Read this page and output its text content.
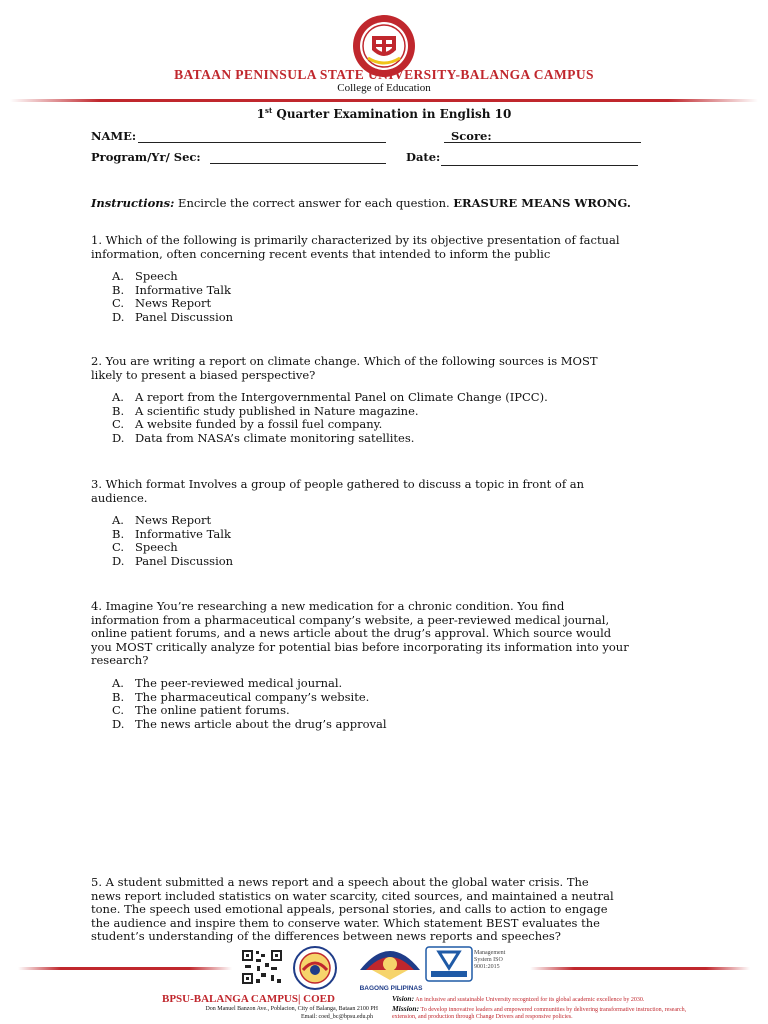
BATAAN PENINSULA STATE UNIVERSITY-BALANGA CAMPUS
College of Education
1st Quarter Examination in English 10
NAME:	Score:
Program/Yr/ Sec:	Date:
Instructions: Encircle the correct answer for each question. ERASURE MEANS WRONG.
1. Which of the following is primarily characterized by its objective presentation of factual
information, often concerning recent events that intended to inform the public
A. Speech
B. Informative Talk
C. News Report
D. Panel Discussion
2. You are writing a report on climate change. Which of the following sources is MOST
likely to present a biased perspective?
A. A report from the Intergovernmental Panel on Climate Change (IPCC).
B. A scientific study published in Nature magazine.
C. A website funded by a fossil fuel company.
D. Data from NASA’s climate monitoring satellites.
3. Which format Involves a group of people gathered to discuss a topic in front of an
audience.
A. News Report
B. Informative Talk
C. Speech
D. Panel Discussion
4. Imagine You’re researching a new medication for a chronic condition. You find
information from a pharmaceutical company’s website, a peer-reviewed medical journal,
online patient forums, and a news article about the drug’s approval. Which source would
you MOST critically analyze for potential bias before incorporating its information into your
research?
A. The peer-reviewed medical journal.
B. The pharmaceutical company’s website.
C. The online patient forums.
D. The news article about the drug’s approval
5. A student submitted a news report and a speech about the global water crisis. The
news report included statistics on water scarcity, cited sources, and maintained a neutral
tone. The speech used emotional appeals, personal stories, and calls to action to engage
the audience and inspire them to conserve water. Which statement BEST evaluates the
student’s understanding of the differences between news reports and speeches?
BAGONG PILIPINAS
Management System ISO 9001:2015
BPSU-BALANGA CAMPUS| COED
Don Manuel Banzon Ave., Poblacion, City of Balanga, Bataan 2100 PH
Email: coed_bc@bpsu.edu.ph
Vision: An inclusive and sustainable University recognized for its global academic excellence by 2030.
Mission: To develop innovative leaders and empowered communities by delivering transformative instruction, research, extension, and production through Change Drivers and responsive policies.
